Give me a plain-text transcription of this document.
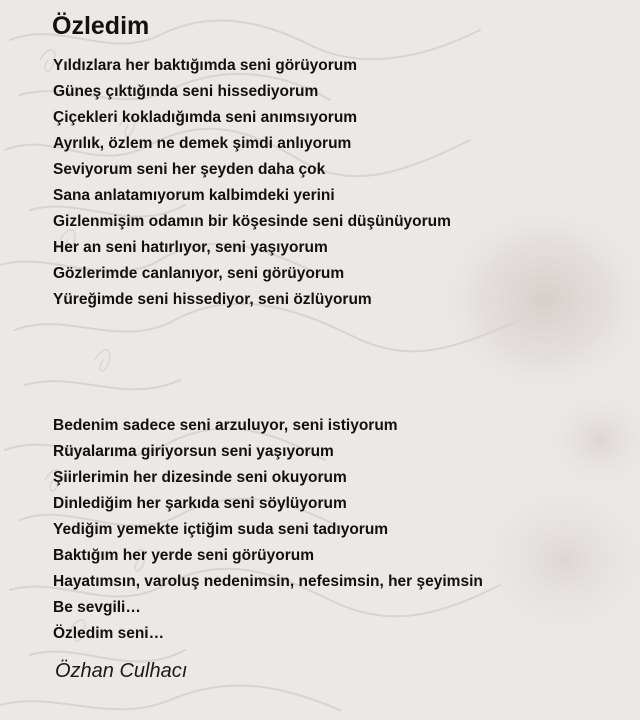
Özledim
Yıldızlara her baktığımda seni görüyorum
Güneş çıktığında seni hissediyorum
Çiçekleri kokladığımda seni anımsıyorum
Ayrılık, özlem ne demek şimdi anlıyorum
Seviyorum seni her şeyden daha çok
Sana anlatamıyorum kalbimdeki yerini
Gizlenmişim odamın bir köşesinde seni düşünüyorum
Her an seni hatırlıyor, seni yaşıyorum
Gözlerimde canlanıyor, seni görüyorum
Yüreğimde seni hissediyor, seni özlüyorum
Bedenim sadece seni arzuluyor, seni istiyorum
Rüyalarıma giriyorsun seni yaşıyorum
Şiirlerimin her dizesinde seni okuyorum
Dinlediğim her şarkıda seni söylüyorum
Yediğim yemekte içtiğim suda seni tadıyorum
Baktığım her yerde seni görüyorum
Hayatımsın, varoluş nedenimsin, nefesimsin, her şeyimsin
Be sevgili…
Özledim seni…
Özhan Culhacı
